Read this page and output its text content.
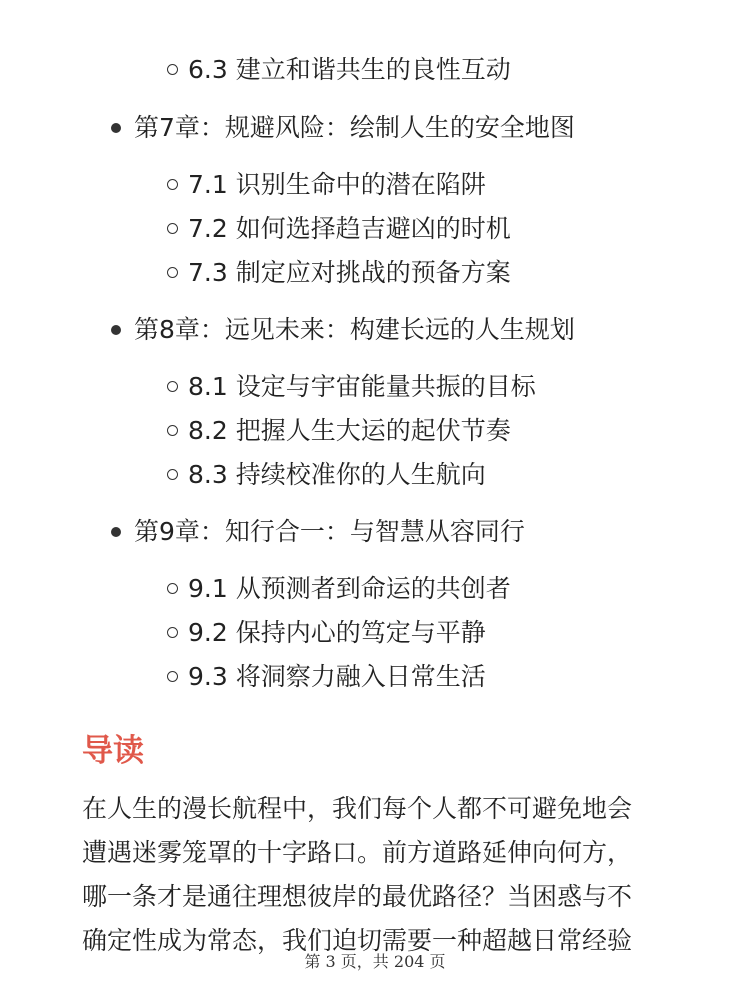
6.3 建立和谐共生的良性互动
第7章：规避风险：绘制人生的安全地图
7.1 识别生命中的潜在陷阱
7.2 如何选择趋吉避凶的时机
7.3 制定应对挑战的预备方案
第8章：远见未来：构建长远的人生规划
8.1 设定与宇宙能量共振的目标
8.2 把握人生大运的起伏节奏
8.3 持续校准你的人生航向
第9章：知行合一：与智慧从容同行
9.1 从预测者到命运的共创者
9.2 保持内心的笃定与平静
9.3 将洞察力融入日常生活
导读
在人生的漫长航程中，我们每个人都不可避免地会
遭遇迷雾笼罩的十字路口。前方道路延伸向何方，
哪一条才是通往理想彼岸的最优路径？当困惑与不
确定性成为常态，我们迫切需要一种超越日常经验
第 3 页，共 204 页
